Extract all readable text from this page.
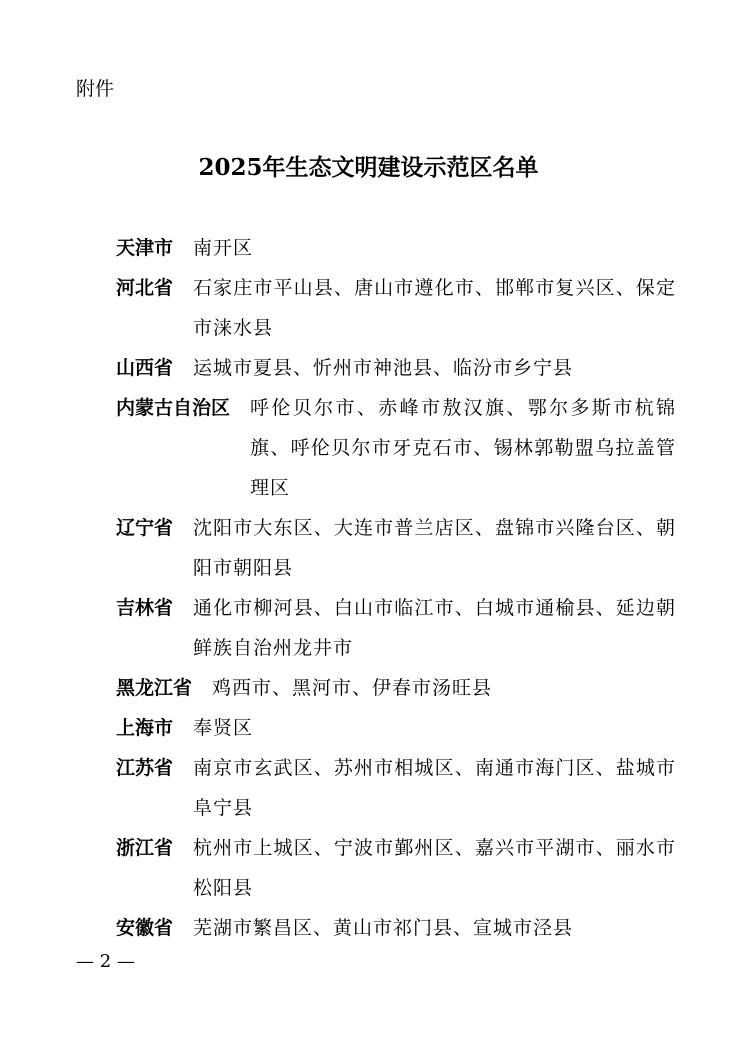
附件
2025年生态文明建设示范区名单
天津市 南开区
河北省 石家庄市平山县、唐山市遵化市、邯郸市复兴区、保定市涞水县
山西省 运城市夏县、忻州市神池县、临汾市乡宁县
内蒙古自治区 呼伦贝尔市、赤峰市敖汉旗、鄂尔多斯市杭锦旗、呼伦贝尔市牙克石市、锡林郭勒盟乌拉盖管理区
辽宁省 沈阳市大东区、大连市普兰店区、盘锦市兴隆台区、朝阳市朝阳县
吉林省 通化市柳河县、白山市临江市、白城市通榆县、延边朝鲜族自治州龙井市
黑龙江省 鸡西市、黑河市、伊春市汤旺县
上海市 奉贤区
江苏省 南京市玄武区、苏州市相城区、南通市海门区、盐城市阜宁县
浙江省 杭州市上城区、宁波市鄞州区、嘉兴市平湖市、丽水市松阳县
安徽省 芜湖市繁昌区、黄山市祁门县、宣城市泾县
— 2 —
